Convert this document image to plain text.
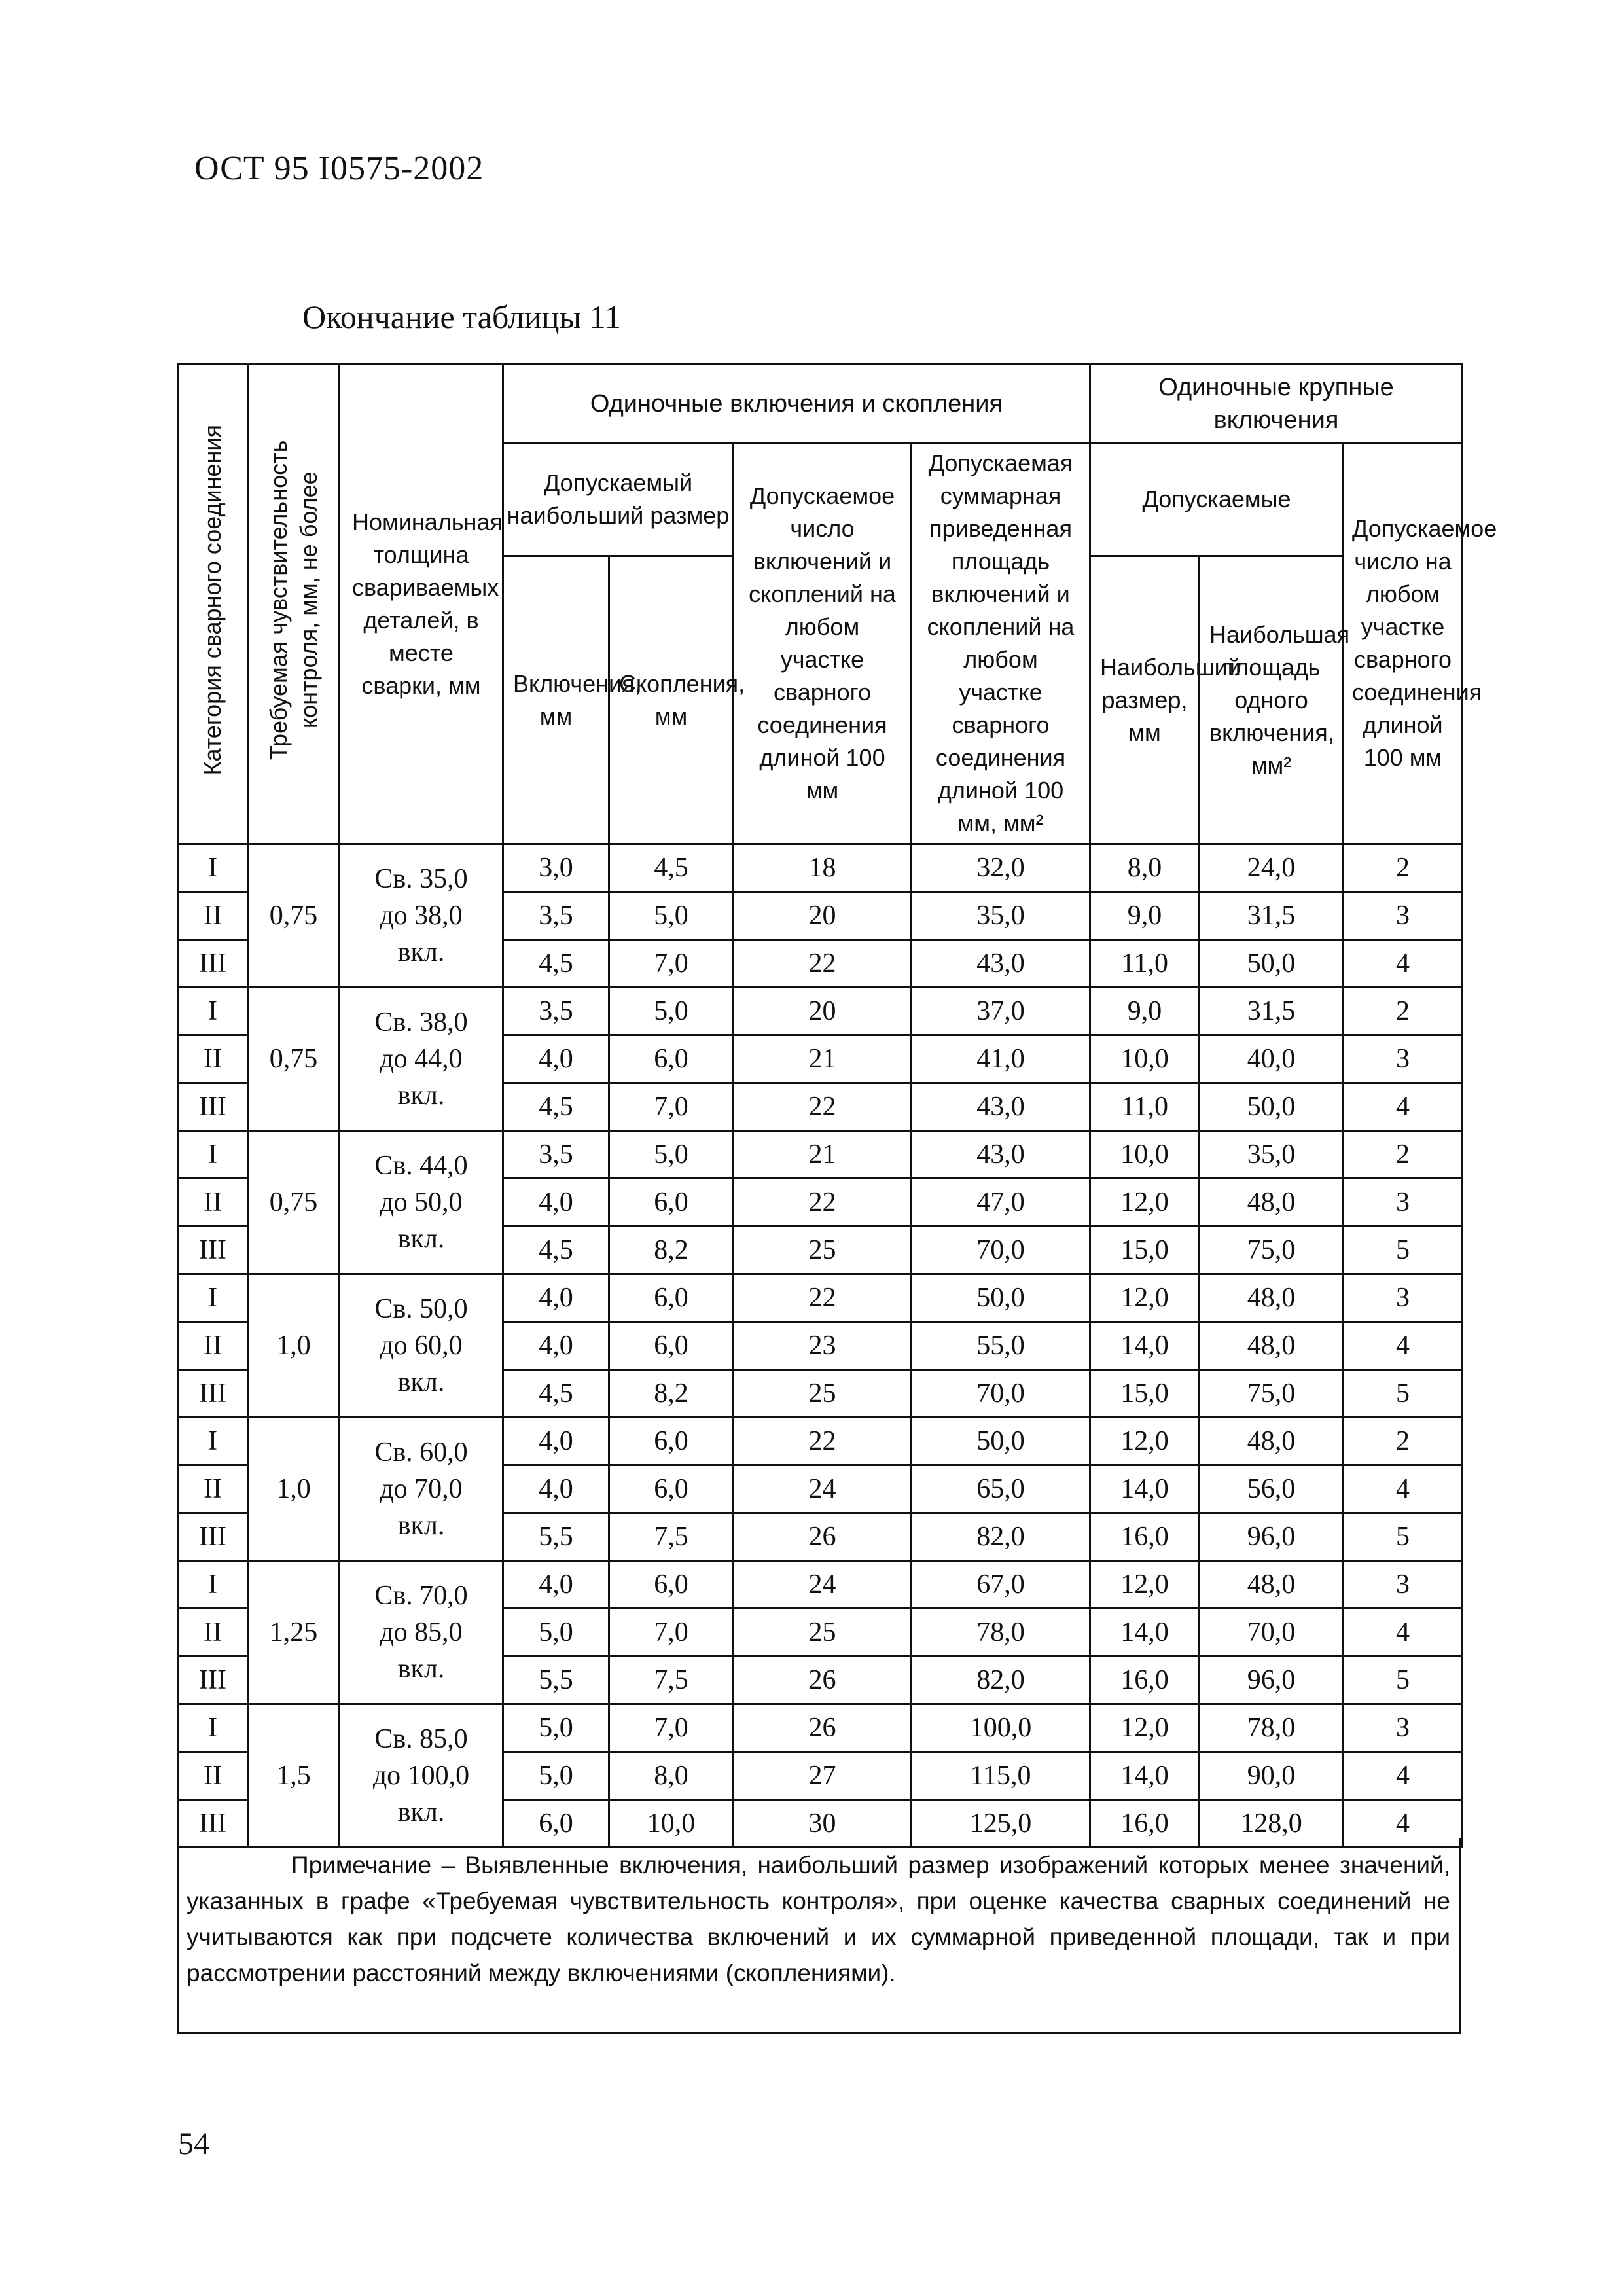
ОСТ 95 I0575-2002
Окончание таблицы 11
Категория сварного соединения	Требуемая чувствительность контроля, мм, не более	Номинальная толщина свариваемых деталей, в месте сварки, мм	Одиночные включения и скопления				Одиночные крупные включения		
			Допускаемый наибольший размер		Допускаемое число включений и скоплений на любом участке сварного соединения длиной 100 мм	Допускаемая суммарная приведенная площадь включений и скоплений на любом участке сварного соединения длиной 100 мм, мм²	Допускаемые		Допускаемое число на любом участке сварного соединения длиной 100 мм
			Включения, мм	Скопления, мм			Наибольший размер, мм	Наибольшая площадь одного включения, мм²	
I	0,75	Св. 35,0 до 38,0 вкл.	3,0	4,5	18	32,0	8,0	24,0	2
II			3,5	5,0	20	35,0	9,0	31,5	3
III			4,5	7,0	22	43,0	11,0	50,0	4
I	0,75	Св. 38,0 до 44,0 вкл.	3,5	5,0	20	37,0	9,0	31,5	2
II			4,0	6,0	21	41,0	10,0	40,0	3
III			4,5	7,0	22	43,0	11,0	50,0	4
I	0,75	Св. 44,0 до 50,0 вкл.	3,5	5,0	21	43,0	10,0	35,0	2
II			4,0	6,0	22	47,0	12,0	48,0	3
III			4,5	8,2	25	70,0	15,0	75,0	5
I	1,0	Св. 50,0 до 60,0 вкл.	4,0	6,0	22	50,0	12,0	48,0	3
II			4,0	6,0	23	55,0	14,0	48,0	4
III			4,5	8,2	25	70,0	15,0	75,0	5
I	1,0	Св. 60,0 до 70,0 вкл.	4,0	6,0	22	50,0	12,0	48,0	2
II			4,0	6,0	24	65,0	14,0	56,0	4
III			5,5	7,5	26	82,0	16,0	96,0	5
I	1,25	Св. 70,0 до 85,0 вкл.	4,0	6,0	24	67,0	12,0	48,0	3
II			5,0	7,0	25	78,0	14,0	70,0	4
III			5,5	7,5	26	82,0	16,0	96,0	5
I	1,5	Св. 85,0 до 100,0 вкл.	5,0	7,0	26	100,0	12,0	78,0	3
II			5,0	8,0	27	115,0	14,0	90,0	4
III			6,0	10,0	30	125,0	16,0	128,0	4
Примечание – Выявленные включения, наибольший размер изображений которых менее значений, указанных в графе «Требуемая чувствительность контроля», при оценке качества сварных соединений не учитываются как при подсчете количества включений и их суммарной приведенной площади, так и при рассмотрении расстояний между включениями (скоплениями).
54
